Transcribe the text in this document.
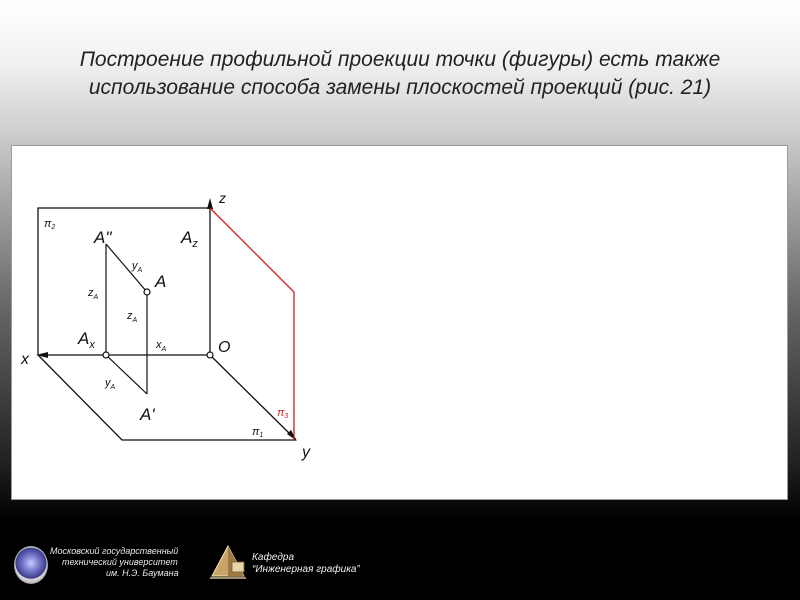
Построение профильной проекции точки (фигуры) есть также
использование способа замены плоскостей проекций (рис. 21)
π2
A"	$A_z$
z
$y_A$
A
$z_A$
$z_A$
$A_x$	$x_A$	O
x
$y_A$
A'	π3
π1
y
Московский государственный
технический университет
им. Н.Э. Баумана
Кафедра
“Инженерная графика”
